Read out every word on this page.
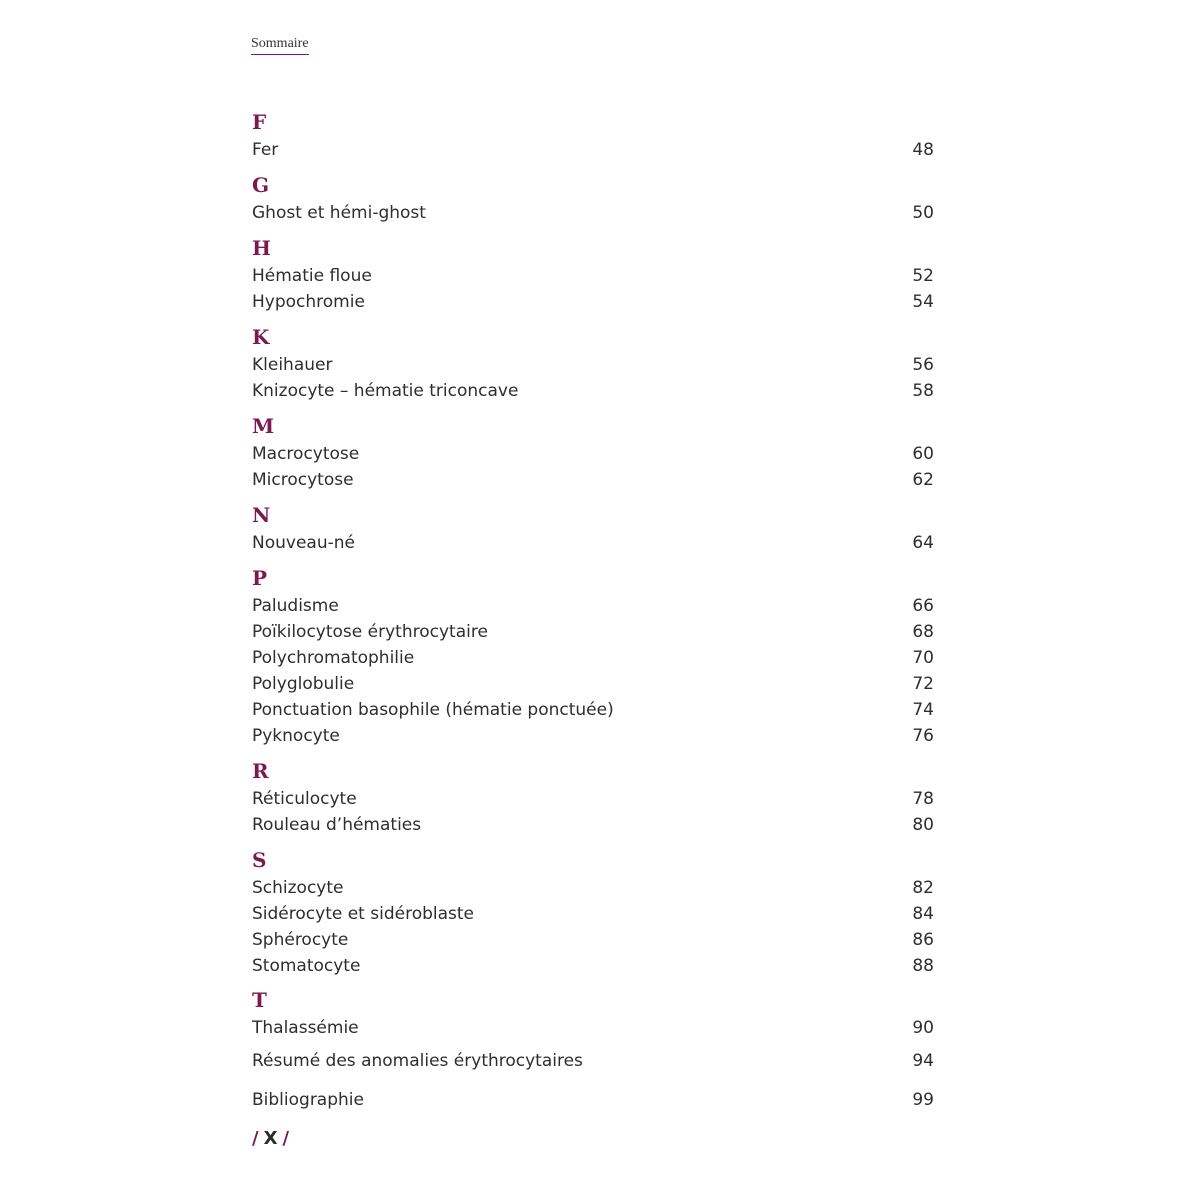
Sommaire
F
Fer	48
G
Ghost et hémi-ghost	50
H
Hématie floue	52
Hypochromie	54
K
Kleihauer	56
Knizocyte – hématie triconcave	58
M
Macrocytose	60
Microcytose	62
N
Nouveau-né	64
P
Paludisme	66
Poïkilocytose érythrocytaire	68
Polychromatophilie	70
Polyglobulie	72
Ponctuation basophile (hématie ponctuée)	74
Pyknocyte	76
R
Réticulocyte	78
Rouleau d’hématies	80
S
Schizocyte	82
Sidérocyte et sidéroblaste	84
Sphérocyte	86
Stomatocyte	88
T
Thalassémie	90
Résumé des anomalies érythrocytaires	94
Bibliographie	99
/ X /
